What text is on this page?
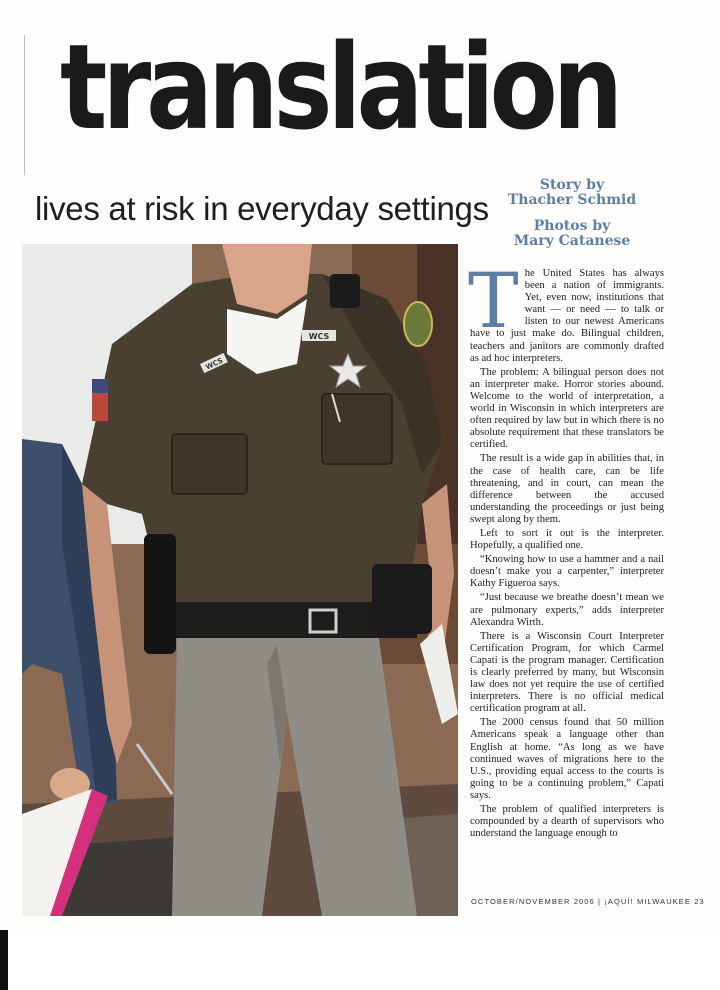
translation
lives at risk in everyday settings
Story by
Thacher Schmid
Photos by
Mary Catanese
WCS
WCS
T he United States has always been a nation of immigrants. Yet, even now, institutions that want — or need — to talk or listen to our newest Americans have to just make do. Bilingual children, teachers and janitors are commonly drafted as ad hoc interpreters.

The problem: A bilingual person does not an interpreter make. Horror stories abound. Welcome to the world of interpretation, a world in Wisconsin in which interpreters are often required by law but in which there is no absolute requirement that these translators be certified.

The result is a wide gap in abilities that, in the case of health care, can be life threatening, and in court, can mean the difference between the accused understanding the proceedings or just being swept along by them.

Left to sort it out is the interpreter. Hopefully, a qualified one.

“Knowing how to use a hammer and a nail doesn’t make you a carpenter,” interpreter Kathy Figueroa says.

“Just because we breathe doesn’t mean we are pulmonary experts,” adds interpreter Alexandra Wirth.

There is a Wisconsin Court Interpreter Certification Program, for which Carmel Capati is the program manager. Certification is clearly preferred by many, but Wisconsin law does not yet require the use of certified interpreters. There is no official medical certification program at all.

The 2000 census found that 50 million Americans speak a language other than English at home. “As long as we have continued waves of migrations here to the U.S., providing equal access to the courts is going to be a continuing problem,” Capati says.

The problem of qualified interpreters is compounded by a dearth of supervisors who understand the language enough to

OCTOBER/NOVEMBER 2006 | ¡AQUÍ! MILWAUKEE 23
